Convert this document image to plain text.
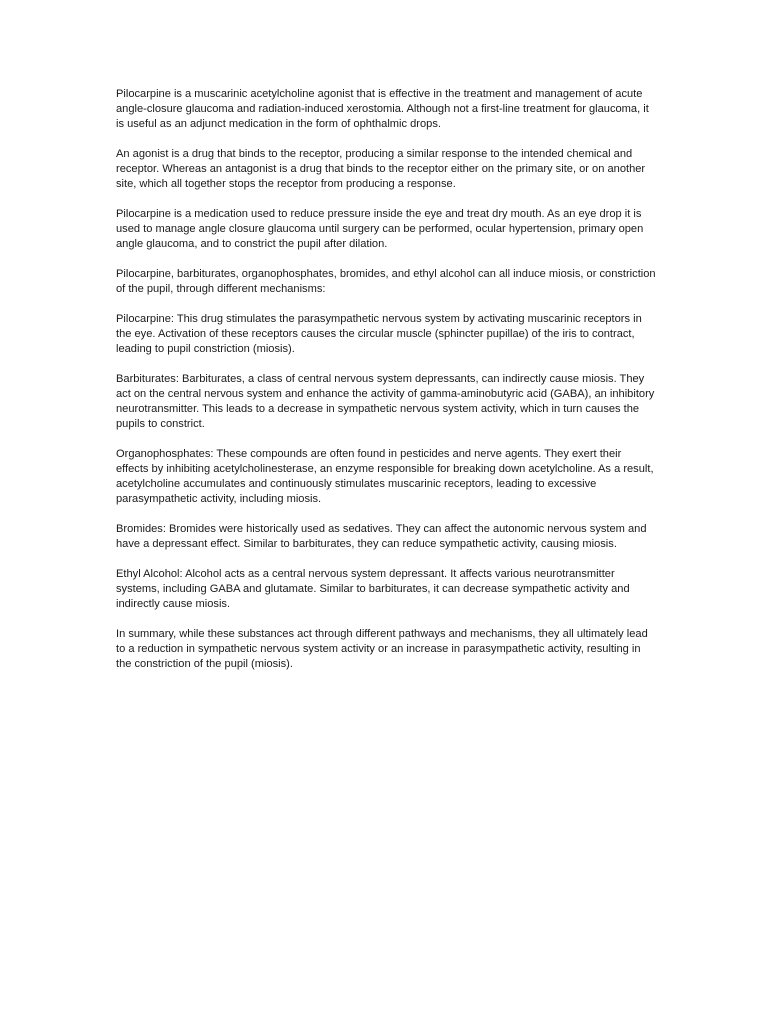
Pilocarpine is a muscarinic acetylcholine agonist that is effective in the treatment and management of acute angle-closure glaucoma and radiation-induced xerostomia. Although not a first-line treatment for glaucoma, it is useful as an adjunct medication in the form of ophthalmic drops.

An agonist is a drug that binds to the receptor, producing a similar response to the intended chemical and receptor. Whereas an antagonist is a drug that binds to the receptor either on the primary site, or on another site, which all together stops the receptor from producing a response.

Pilocarpine is a medication used to reduce pressure inside the eye and treat dry mouth. As an eye drop it is used to manage angle closure glaucoma until surgery can be performed, ocular hypertension, primary open angle glaucoma, and to constrict the pupil after dilation.

Pilocarpine, barbiturates, organophosphates, bromides, and ethyl alcohol can all induce miosis, or constriction of the pupil, through different mechanisms:

Pilocarpine: This drug stimulates the parasympathetic nervous system by activating muscarinic receptors in the eye. Activation of these receptors causes the circular muscle (sphincter pupillae) of the iris to contract, leading to pupil constriction (miosis).

Barbiturates: Barbiturates, a class of central nervous system depressants, can indirectly cause miosis. They act on the central nervous system and enhance the activity of gamma-aminobutyric acid (GABA), an inhibitory neurotransmitter. This leads to a decrease in sympathetic nervous system activity, which in turn causes the pupils to constrict.

Organophosphates: These compounds are often found in pesticides and nerve agents. They exert their effects by inhibiting acetylcholinesterase, an enzyme responsible for breaking down acetylcholine. As a result, acetylcholine accumulates and continuously stimulates muscarinic receptors, leading to excessive parasympathetic activity, including miosis.

Bromides: Bromides were historically used as sedatives. They can affect the autonomic nervous system and have a depressant effect. Similar to barbiturates, they can reduce sympathetic activity, causing miosis.

Ethyl Alcohol: Alcohol acts as a central nervous system depressant. It affects various neurotransmitter systems, including GABA and glutamate. Similar to barbiturates, it can decrease sympathetic activity and indirectly cause miosis.

In summary, while these substances act through different pathways and mechanisms, they all ultimately lead to a reduction in sympathetic nervous system activity or an increase in parasympathetic activity, resulting in the constriction of the pupil (miosis).
